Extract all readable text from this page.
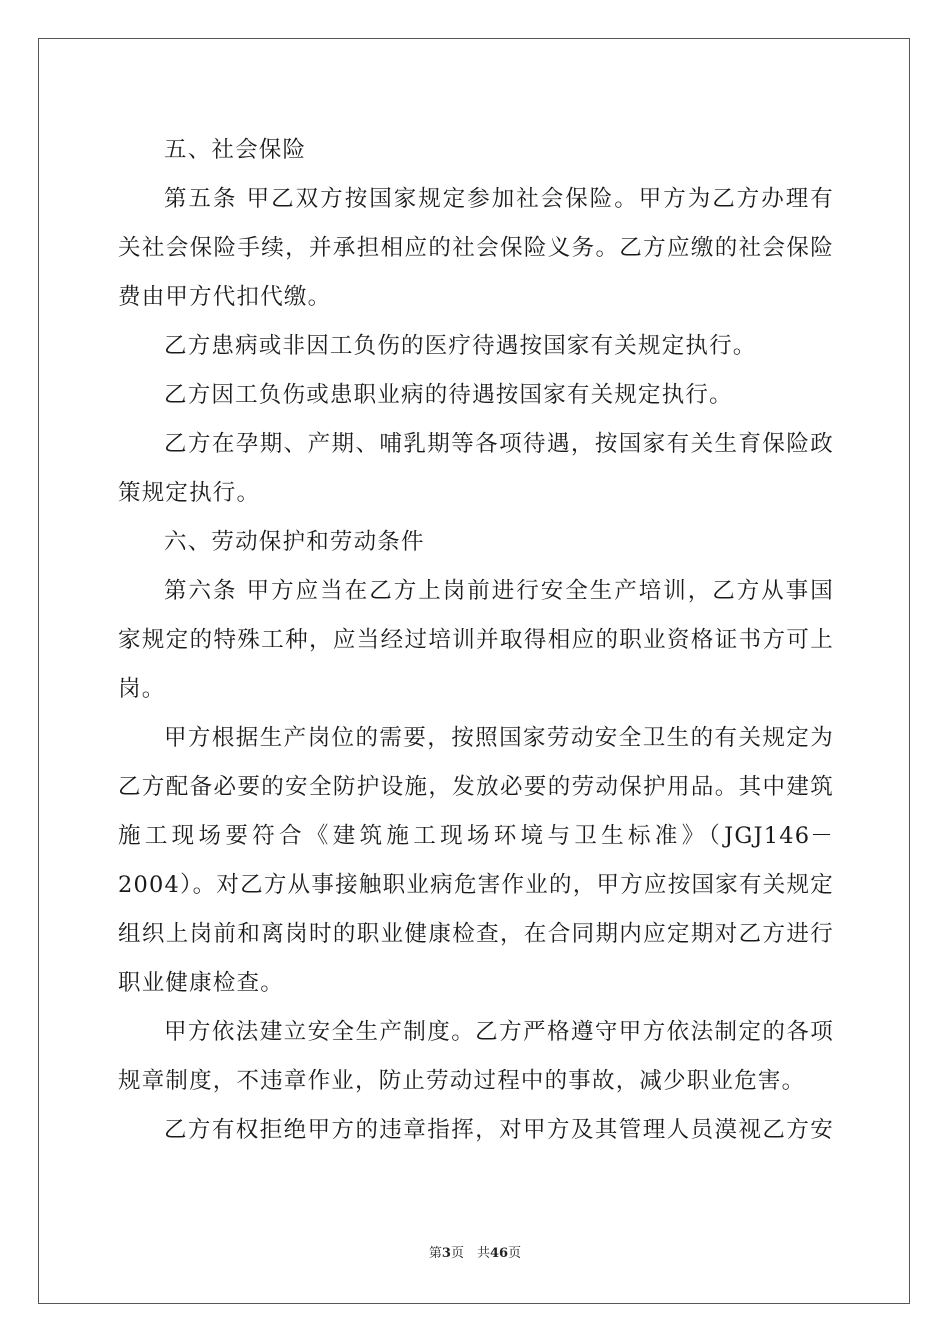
五、社会保险
第五条 甲乙双方按国家规定参加社会保险。甲方为乙方办理有
关社会保险手续，并承担相应的社会保险义务。乙方应缴的社会保险
费由甲方代扣代缴。
乙方患病或非因工负伤的医疗待遇按国家有关规定执行。
乙方因工负伤或患职业病的待遇按国家有关规定执行。
乙方在孕期、产期、哺乳期等各项待遇，按国家有关生育保险政
策规定执行。
六、劳动保护和劳动条件
第六条 甲方应当在乙方上岗前进行安全生产培训，乙方从事国
家规定的特殊工种，应当经过培训并取得相应的职业资格证书方可上
岗。
甲方根据生产岗位的需要，按照国家劳动安全卫生的有关规定为
乙方配备必要的安全防护设施，发放必要的劳动保护用品。其中建筑
施工现场要符合《建筑施工现场环境与卫生标准》（JGJ146－
2004）。对乙方从事接触职业病危害作业的，甲方应按国家有关规定
组织上岗前和离岗时的职业健康检查，在合同期内应定期对乙方进行
职业健康检查。
甲方依法建立安全生产制度。乙方严格遵守甲方依法制定的各项
规章制度，不违章作业，防止劳动过程中的事故，减少职业危害。
乙方有权拒绝甲方的违章指挥，对甲方及其管理人员漠视乙方安
第3页　共46页
